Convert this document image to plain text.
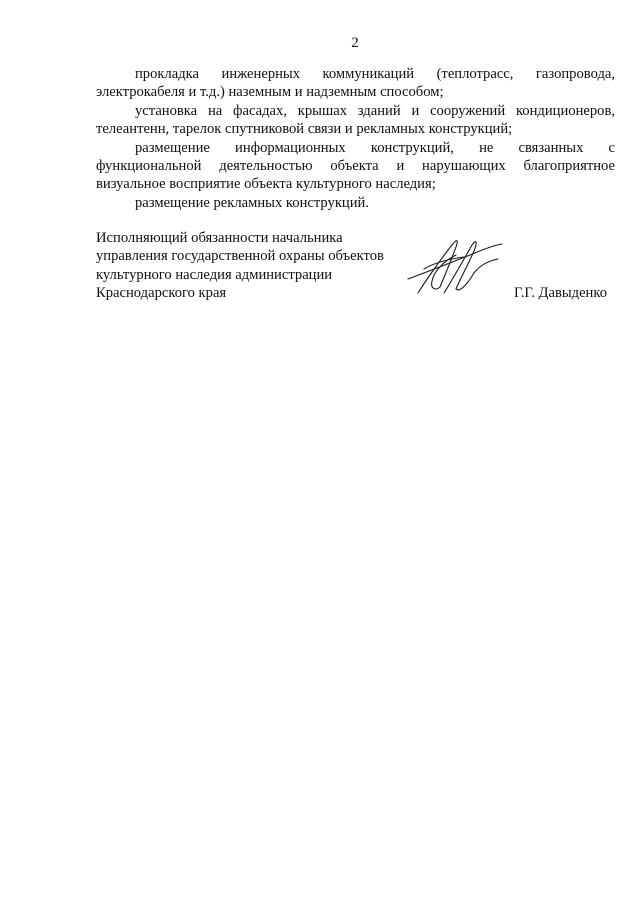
2

прокладка инженерных коммуникаций (теплотрасс, газопровода, электрокабеля и т.д.) наземным и надземным способом;

установка на фасадах, крышах зданий и сооружений кондиционеров, телеантенн, тарелок спутниковой связи и рекламных конструкций;

размещение информационных конструкций, не связанных с функциональной деятельностью объекта и нарушающих благоприятное визуальное восприятие объекта культурного наследия;

размещение рекламных конструкций.

Исполняющий обязанности начальника
управления государственной охраны объектов
культурного наследия администрации
Краснодарского края	Г.Г. Давыденко
